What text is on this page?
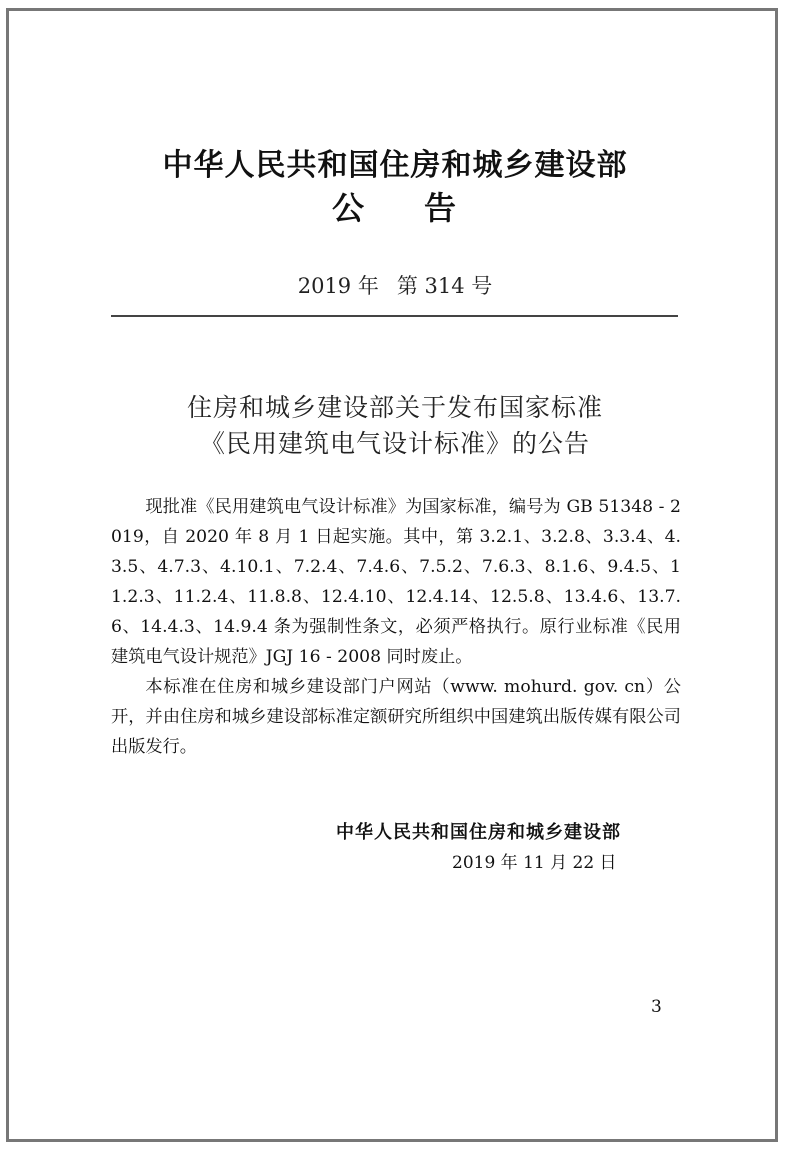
中华人民共和国住房和城乡建设部
公 告
2019 年 第 314 号
住房和城乡建设部关于发布国家标准
《民用建筑电气设计标准》的公告

现批准《民用建筑电气设计标准》为国家标准，编号为 GB 51348 - 2019，自 2020 年 8 月 1 日起实施。其中，第 3.2.1、3.2.8、3.3.4、4.3.5、4.7.3、4.10.1、7.2.4、7.4.6、7.5.2、7.6.3、8.1.6、9.4.5、11.2.3、11.2.4、11.8.8、12.4.10、12.4.14、12.5.8、13.4.6、13.7.6、14.4.3、14.9.4 条为强制性条文，必须严格执行。原行业标准《民用建筑电气设计规范》JGJ 16 - 2008 同时废止。

本标准在住房和城乡建设部门户网站（www. mohurd. gov. cn）公开，并由住房和城乡建设部标准定额研究所组织中国建筑出版传媒有限公司出版发行。

中华人民共和国住房和城乡建设部
2019 年 11 月 22 日
3
